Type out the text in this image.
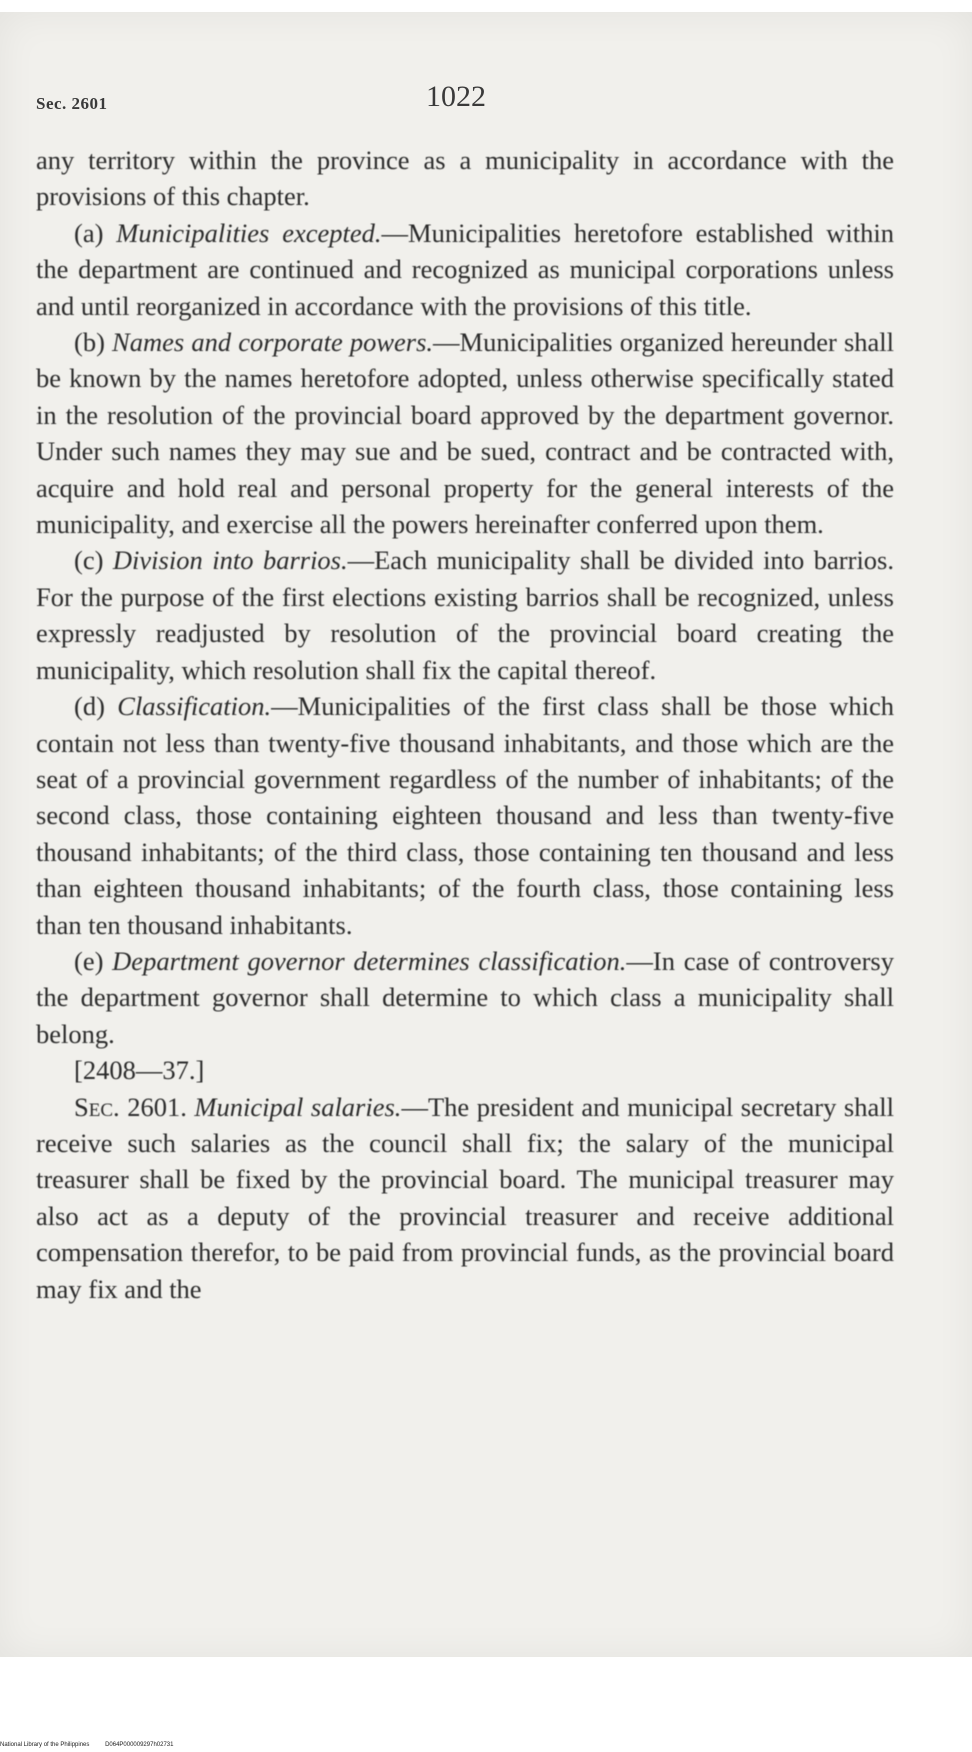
Sec. 2601	1022

any territory within the province as a municipality in accordance with the provisions of this chapter.

(a) Municipalities excepted.—Municipalities heretofore established within the department are continued and recognized as municipal corporations unless and until reorganized in accordance with the provisions of this title.

(b) Names and corporate powers.—Municipalities organized hereunder shall be known by the names heretofore adopted, unless otherwise specifically stated in the resolution of the provincial board approved by the department governor. Under such names they may sue and be sued, contract and be contracted with, acquire and hold real and personal property for the general interests of the municipality, and exercise all the powers hereinafter conferred upon them.

(c) Division into barrios.—Each municipality shall be divided into barrios. For the purpose of the first elections existing barrios shall be recognized, unless expressly readjusted by resolution of the provincial board creating the municipality, which resolution shall fix the capital thereof.

(d) Classification.—Municipalities of the first class shall be those which contain not less than twenty-five thousand inhabitants, and those which are the seat of a provincial government regardless of the number of inhabitants; of the second class, those containing eighteen thousand and less than twenty-five thousand inhabitants; of the third class, those containing ten thousand and less than eighteen thousand inhabitants; of the fourth class, those containing less than ten thousand inhabitants.

(e) Department governor determines classification.—In case of controversy the department governor shall determine to which class a municipality shall belong.

[2408—37.]

Sec. 2601. Municipal salaries.—The president and municipal secretary shall receive such salaries as the council shall fix; the salary of the municipal treasurer shall be fixed by the provincial board. The municipal treasurer may also act as a deputy of the provincial treasurer and receive additional compensation therefor, to be paid from provincial funds, as the provincial board may fix and the

National Library of the Philippines	D064P000009297h02731
